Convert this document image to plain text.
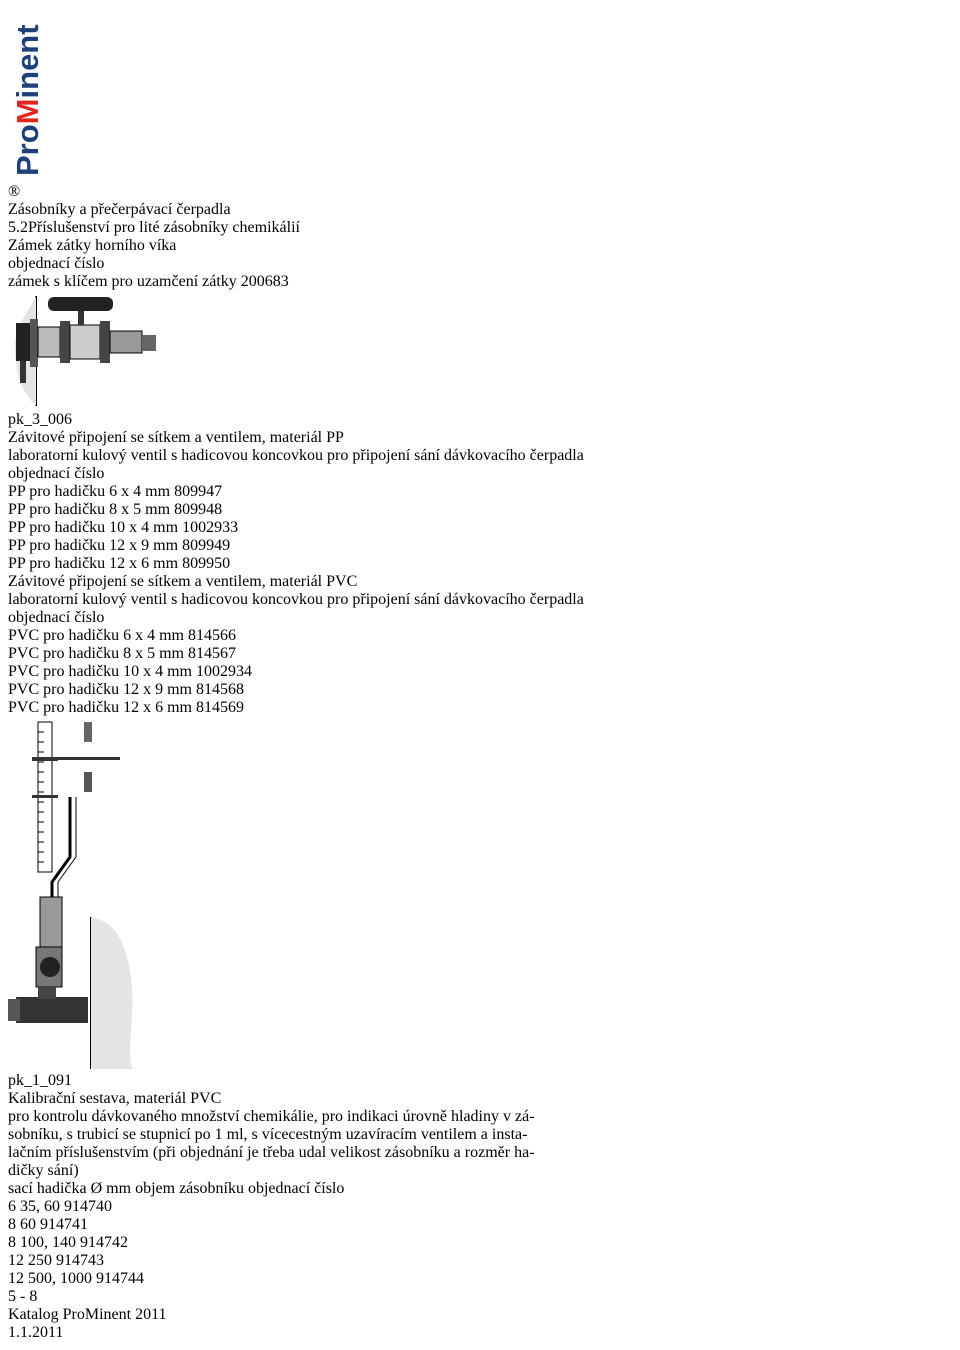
ProMinent
®
Zásobníky a přečerpávací čerpadla
5.2Příslušenství pro lité zásobníky chemikálií
Zámek zátky horního víka
objednací číslo
zámek s klíčem pro uzamčení zátky 200683
pk_3_006
Závitové připojení se sítkem a ventilem, materiál PP
laboratorní kulový ventil s hadicovou koncovkou pro připojení sání dávkovacího čerpadla
objednací číslo
PP pro hadičku 6 x 4 mm 809947
PP pro hadičku 8 x 5 mm 809948
PP pro hadičku 10 x 4 mm 1002933
PP pro hadičku 12 x 9 mm 809949
PP pro hadičku 12 x 6 mm 809950
Závitové připojení se sítkem a ventilem, materiál PVC
laboratorní kulový ventil s hadicovou koncovkou pro připojení sání dávkovacího čerpadla
objednací číslo
PVC pro hadičku 6 x 4 mm 814566
PVC pro hadičku 8 x 5 mm 814567
PVC pro hadičku 10 x 4 mm 1002934
PVC pro hadičku 12 x 9 mm 814568
PVC pro hadičku 12 x 6 mm 814569
pk_1_091
Kalibrační sestava, materiál PVC
pro kontrolu dávkovaného množství chemikálie, pro indikaci úrovně hladiny v zá-
sobníku, s trubicí se stupnicí po 1 ml, s vícecestným uzavíracím ventilem a insta-
lačním příslušenstvím (při objednání je třeba udal velikost zásobníku a rozměr ha-
dičky sání)
sací hadička Ø mm objem zásobníku objednací číslo
6 35, 60 914740
8 60 914741
8 100, 140 914742
12 250 914743
12 500, 1000 914744
5 - 8
Katalog ProMinent 2011
1.1.2011
